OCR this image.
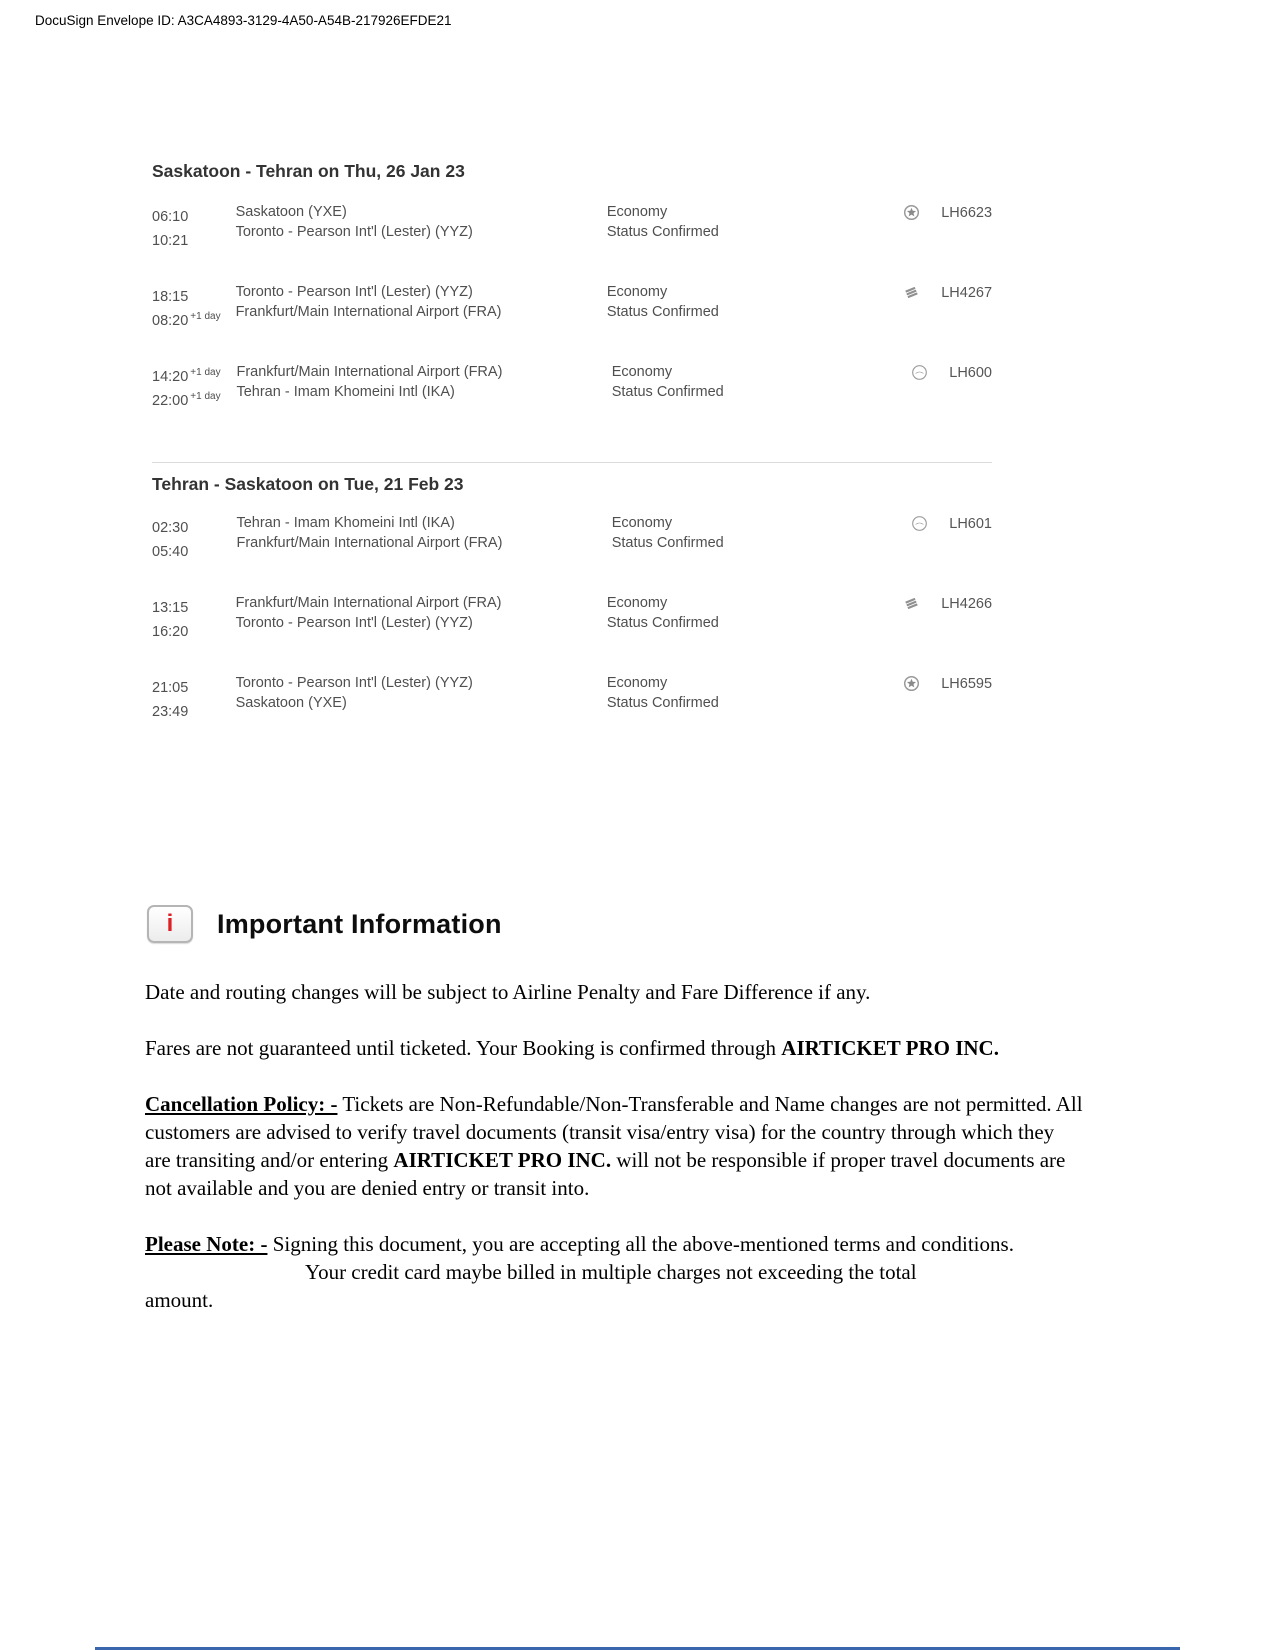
DocuSign Envelope ID: A3CA4893-3129-4A50-A54B-217926EFDE21
Saskatoon - Tehran on Thu, 26 Jan 23
06:10
10:21
Saskatoon (YXE)
Toronto - Pearson Int'l (Lester) (YYZ)
Economy
Status Confirmed
LH6623
18:15
08:20 $^{+1 day}$
Toronto - Pearson Int'l (Lester) (YYZ)
Frankfurt/Main International Airport (FRA)
Economy
Status Confirmed
LH4267
14:20 $^{+1 day}$
22:00 $^{+1 day}$
Frankfurt/Main International Airport (FRA)
Tehran - Imam Khomeini Intl (IKA)
Economy
Status Confirmed
LH600
Tehran - Saskatoon on Tue, 21 Feb 23
02:30
05:40
Tehran - Imam Khomeini Intl (IKA)
Frankfurt/Main International Airport (FRA)
Economy
Status Confirmed
LH601
13:15
16:20
Frankfurt/Main International Airport (FRA)
Toronto - Pearson Int'l (Lester) (YYZ)
Economy
Status Confirmed
LH4266
21:05
23:49
Toronto - Pearson Int'l (Lester) (YYZ)
Saskatoon (YXE)
Economy
Status Confirmed
LH6595
i Important Information

Date and routing changes will be subject to Airline Penalty and Fare Difference if any.

Fares are not guaranteed until ticketed. Your Booking is confirmed through AIRTICKET PRO INC.

Cancellation Policy: - Tickets are Non-Refundable/Non-Transferable and Name changes are not permitted. All customers are advised to verify travel documents (transit visa/entry visa) for the country through which they are transiting and/or entering AIRTICKET PRO INC. will not be responsible if proper travel documents are not available and you are denied entry or transit into.

Please Note: - Signing this document, you are accepting all the above-mentioned terms and conditions.
Your credit card maybe billed in multiple charges not exceeding the total
amount.
